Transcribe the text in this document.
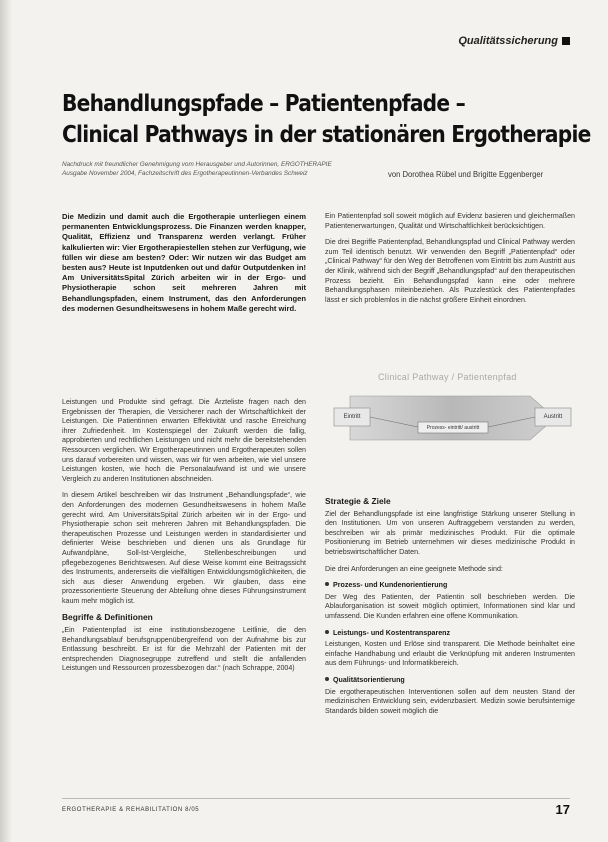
Qualitätssicherung
Behandlungspfade – Patientenpfade –
Clinical Pathways in der stationären Ergotherapie
Nachdruck mit freundlicher Genehmigung vom Herausgeber und Autorinnen, ERGOTHERAPIE
Ausgabe November 2004, Fachzeitschrift des Ergotherapeutinnen-Verbandes Schweiz	von Dorothea Rübel und Brigitte Eggenberger
Die Medizin und damit auch die Ergotherapie unterliegen einem permanenten Entwicklungsprozess. Die Finanzen werden knapper, Qualität, Effizienz und Transparenz werden verlangt. Früher kalkulierten wir: Vier Ergotherapiestellen stehen zur Verfügung, wie füllen wir diese am besten? Oder: Wir nutzen wir das Budget am besten aus? Heute ist Inputdenken out und dafür Outputdenken in! Am UniversitätsSpital Zürich arbeiten wir in der Ergo- und Physiotherapie schon seit mehreren Jahren mit Behandlungspfaden, einem Instrument, das den Anforderungen des modernen Gesundheitswesens in hohem Maße gerecht wird.

Leistungen und Produkte sind gefragt. Die Ärzteliste fragen nach den Ergebnissen der Therapien, die Versicherer nach der Wirtschaftlichkeit der Leistungen. Die Patientinnen erwarten Effektivität und rasche Erreichung ihrer Zufriedenheit. Im Kostenspiegel der Zukunft werden die fallig, approbierten und rechtlichen Leistungen und nicht mehr die bereitstehenden Ressourcen verglichen. Wir Ergotherapeutinnen und Ergotherapeuten sollen uns darauf vorbereiten und wissen, was wir für wen arbeiten, wie viel unsere Leistungen kosten, wie hoch die Personalaufwand ist und wie unsere Vergleich zu anderen Institutionen abschneiden.

In diesem Artikel beschreiben wir das Instrument „Behandlungspfade“, wie den Anforderungen des modernen Gesundheitswesens in hohem Maße gerecht wird. Am UniversitätsSpital Zürich arbeiten wir in der Ergo- und Physiotherapie schon seit mehreren Jahren mit Behandlungspfaden. Die therapeutischen Prozesse und Leistungen werden in standardisierter und definierter Weise beschrieben und dienen uns als Grundlage für Aufwandpläne, Soll-Ist-Vergleiche, Stellenbeschreibungen und pflegebezogenes Berichtswesen. Auf diese Weise kommt eine Beitragssicht des Instruments, andererseits die vielfältigen Entwicklungsmöglichkeiten, die sich aus dieser Anwendung ergeben. Wir glauben, dass eine prozessorientierte Steuerung der Abteilung ohne dieses Führungsinstrument kaum mehr möglich ist.

Begriffe & Definitionen

„Ein Patientenpfad ist eine institutionsbezogene Leitlinie, die den Behandlungsablauf berufsgruppenübergreifend von der Aufnahme bis zur Entlassung beschreibt. Er ist für die Mehrzahl der Patienten mit der entsprechenden Diagnosegruppe zutreffend und stellt die anfallenden Leistungen und Ressourcen prozessbezogen dar.“ (nach Schrappe, 2004)

Ein Patientenpfad soll soweit möglich auf Evidenz basieren und gleichermaßen Patientenerwartungen, Qualität und Wirtschaftlichkeit berücksichtigen.

Die drei Begriffe Patientenpfad, Behandlungspfad und Clinical Pathway werden zum Teil identisch benutzt. Wir verwenden den Begriff „Patientenpfad“ oder „Clinical Pathway“ für den Weg der Betroffenen vom Eintritt bis zum Austritt aus der Klinik, während sich der Begriff „Behandlungspfad“ auf den therapeutischen Prozess bezieht. Ein Behandlungspfad kann eine oder mehrere Behandlungsphasen miteinbeziehen. Als Puzzlestück des Patientenpfades lässt er sich problemlos in die nächst größere Einheit einordnen.

Clinical Pathway / Patientenpfad
Eintritt
Prozess- eintritt/ austritt
Austritt
Strategie & Ziele

Ziel der Behandlungspfade ist eine langfristige Stärkung unserer Stellung in den Institutionen. Um von unseren Auftraggebern verstanden zu werden, beschreiben wir als primär medizinisches Produkt. Für die optimale Positionierung im Betrieb unternehmen wir dieses medizinische Produkt in betriebswirtschaftlicher Daten.

Die drei Anforderungen an eine geeignete Methode sind:

Prozess- und Kundenorientierung

Der Weg des Patienten, der Patientin soll beschrieben werden. Die Ablauforganisation ist soweit möglich optimiert, Informationen sind klar und umfassend. Die Kunden erfahren eine offene Kommunikation.

Leistungs- und Kostentransparenz

Leistungen, Kosten und Erlöse sind transparent. Die Methode beinhaltet eine einfache Handhabung und erlaubt die Verknüpfung mit anderen Instrumenten aus dem Führungs- und Informatikbereich.

Qualitätsorientierung

Die ergotherapeutischen Interventionen sollen auf dem neusten Stand der medizinischen Entwicklung sein, evidenzbasiert. Medizin sowie berufsinternige Standards bilden soweit möglich die

ERGOTHERAPIE & REHABILITATION 8/05	17
